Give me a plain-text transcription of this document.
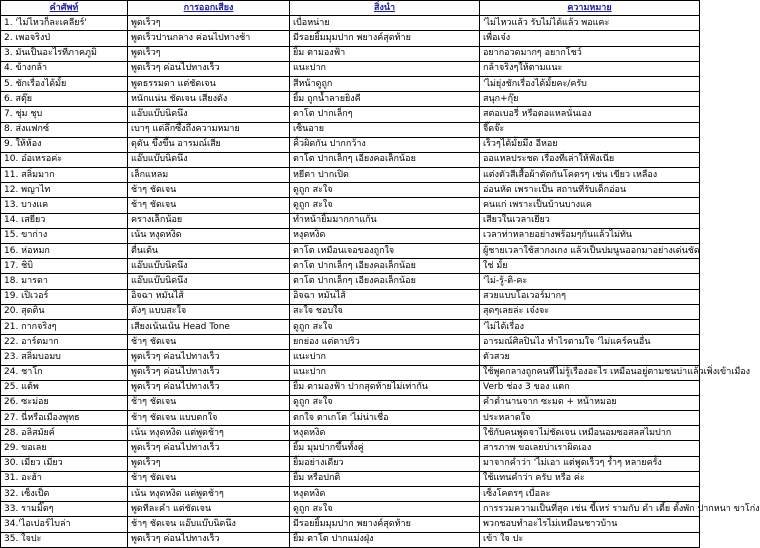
คำศัพท์	การออกเสียง	สิ่งนำ	ความหมาย
1. 'ไม่ไหวก็ละเคลียร์'	พูดเร็วๆ	เบื่อหน่าย	'ไม่ไหวแล้ว รับไม่ได้แล้ว พอแคะ
2. เพอจริงป่	พูดเร็วปานกลาง ค่อนไปทางช้า	มีรอยยิ้มมุมปาก พยางค์สุดท้าย	เพื่อเจ๋ง
3. มันเป็นอะไรที่ภาคภูมิ	พูดเร็วๆ	ยิ้ม ตามองฟ้า	อยากอวดมากๆ อยากโชว์
4. ข้างกล้า	พูดเร็วๆ ค่อนไปทางเร็ว	แนะปาก	กล้าจริงๆให้ตามแนะ
5. ชักเรื่องได้มั้ย	พูดธรรมดา แต่ชัดเจน	สีหน้าดูถูก	'ไม่ยุ่งชักเรื่องได้มั้ยคะ/ครับ
6. สตุ๊ย	หนักแน่น ชัดเจน เสียงดัง	ยิ้ม ถูกน้ำลายยิงคี	สนุก+กุ๊ย
7. ชุ่ม ชุบ	แอ๊บแบ๊บนิดนึง	ตาโต ปากเล็กๆ	สตอเบอรี่ หรือตอแหลนั่นเอง
8. ส่งแฟกซ์	เบาๆ แต่ลึกซึ้งถึงความหมาย	เซ็นอาย	จี๊ดจ๊ะ
9. ให้ห้อง	ดุดัน ขึ้งขึ้น อารมณ์เสีย	คิ้วผิดกัน ปากกว้าง	เร็วๆได้มั้ยมึง อีหอย
10. อ๋อเหรอค่ะ	แอ๊บแบ๊บนิดนึง	ตาโต ปากเล็กๆ เอียงคอเล็กน้อย	ออแหลประชด เรื่องที่เล่าให้ฟังเนี่ย
11. สลิ่มมาก	เล็กแหลม	หยีตา ปากเปิด	แต่งตัวสีเสื้อผ้าตัดกันโคตรๆ เช่น เขียว เหลือง
12. พญาไท	ช้าๆ ชัดเจน	ดูถูก สะใจ	อ่อนหัด เพราะเป็น สถานที่รับเด็กอ่อน
13. บางแค	ช้าๆ ชัดเจน	ดูถูก สะใจ	คนแก่ เพราะเป็นบ้านบางแค
14. เสยี่ยว	ครางเล็กน้อย	ทำหน้ายิ้มมากกาแก้น	เสียวในเวลาเยี่ยว
15. ขาก่าง	เน้น หงุดหงิด	หงุดหงิด	เวลาท่าหลายอย่างพร้อมๆกันแล้วไม่ทัน
16. ห่อหมก	ตื่นเต้น	ตาโต เหมือนเจอของถูกใจ	ผู้ชายเวลาใช้สากงเกง แล้วเป็นปมนูนออกมาอย่างเด่นชัด
17. ชิบิ	แอ๊บแบ๊บนิดนึง	ตาโต ปากเล็กๆ เอียงคอเล็กน้อย	ใช่ มั้ย
18. มารดา	แอ๊บแบ๊บนิดนึง	ตาโต ปากเล็กๆ เอียงคอเล็กน้อย	'ไม่-รู้-ติ-คะ
19. เปิเวอร์	อิจฉา หมั่นไส้	อิจฉา หมั่นไส้	สวยแบบโอเวอร์มากๆ
20. สุดติน	ดังๆ แบบสะใจ	สะใจ ชอบใจ	สุดๆเลยล่ะ เจ๋งจะ
21. กากจริงๆ	เสียงเน้นเน้น Head Tone	ดูถูก สะใจ	'ไม่ได้เรื่อง
22. อาร์ตมาก	ช้าๆ ชัดเจน	ยกย่อง แต่ตาปริว	อารมณ์ศิลปินไง ทำไรตามใจ 'ไม่แคร์คนอื่น
23. สลิ่มบอมบ	พูดเร็วๆ ค่อนไปทางเร็ว	แนะปาก	ตัวสวย
24. ชาโก	พูดเร็วๆ ค่อนไปทางเร็ว	แนะปาก	ใช้พูดกลางถูกคนที่ไม่รู้เรื่องอะไร เหมือนอยู่ตามชนบ่าแล้วเพิ่งเข้าเมือง
25. แต้พ	พูดเร็วๆ ค่อนไปทางเร็ว	ยิ้ม ตามองฟ้า ปากสุดท้ายไม่เท่ากัน	Verb ช่อง 3 ของ แตก
26. ซะม่อย	ช้าๆ ชัดเจน	ดูถูก สะใจ	คำตำนานจาก ซะมด + หน้าหมอย
27. นี่หรือเมืองพุทธ	ช้าๆ ชัดเจน แบบตกใจ	ตกใจ ตาเกโต 'ไม่น่าเชื่อ	ประหลาดใจ
28. อลิสมัยค์	เน้น หงุดหงิด แต่พูดช้าๆ	หงุดหงิด	ใช้กับคนพูดจาไม่ชัดเจน เหมือนอมซอสลสไมปาก
29. ขอเลย	พูดเร็วๆ ค่อนไปทางเร็ว	ยิ้ม มุมปากขึ้นทั้งคู่	สารภาพ ขอเลยบ่าเราผิดเอง
30. เมี่ยว เมี่ยว	พูดเร็วๆ	ยิ้มอย่างเดียว	มาจากคำว่า 'ไม่เอา แต่พูดเร็วๆ ร้ำๆ หลายครั้ง
31. อะฮ้า	ช้าๆ ชัดเจน	ยิ้ม หรือปกติ	ใช้แทนคำว่า ครับ หรือ ค่ะ
32. เซ็งเป็ด	เน้น หงุดหงิด แต่พูดช้าๆ	หงุดหงิด	เซ็งโคตรๆ เบื่อละ
33. รามมิ๊ดๆ	พูดทีละคำ แต่ชัดเจน	ดูถูก สะใจ	การรวมความเป็นที่สุด เช่น ขี้เหร่ รามกับ ดำ เตี้ย ตั้งพัก ปากหนา ขาโก่ง
34.'ไอเปอร์ไบล่า	ช้าๆ ชัดเจน แอ๊บแบ๊บนิดนึง	มีรอยยิ้มมุมปาก พยางค์สุดท้าย	พวกชอบทำอะไรไม่เหมือนชาวบ้าน
35. ใจปะ	พูดเร็วๆ ค่อนไปทางเร็ว	ยิ้ม ตาโต ปากแม่งฝุ่ง	เข้า ใจ ปะ
